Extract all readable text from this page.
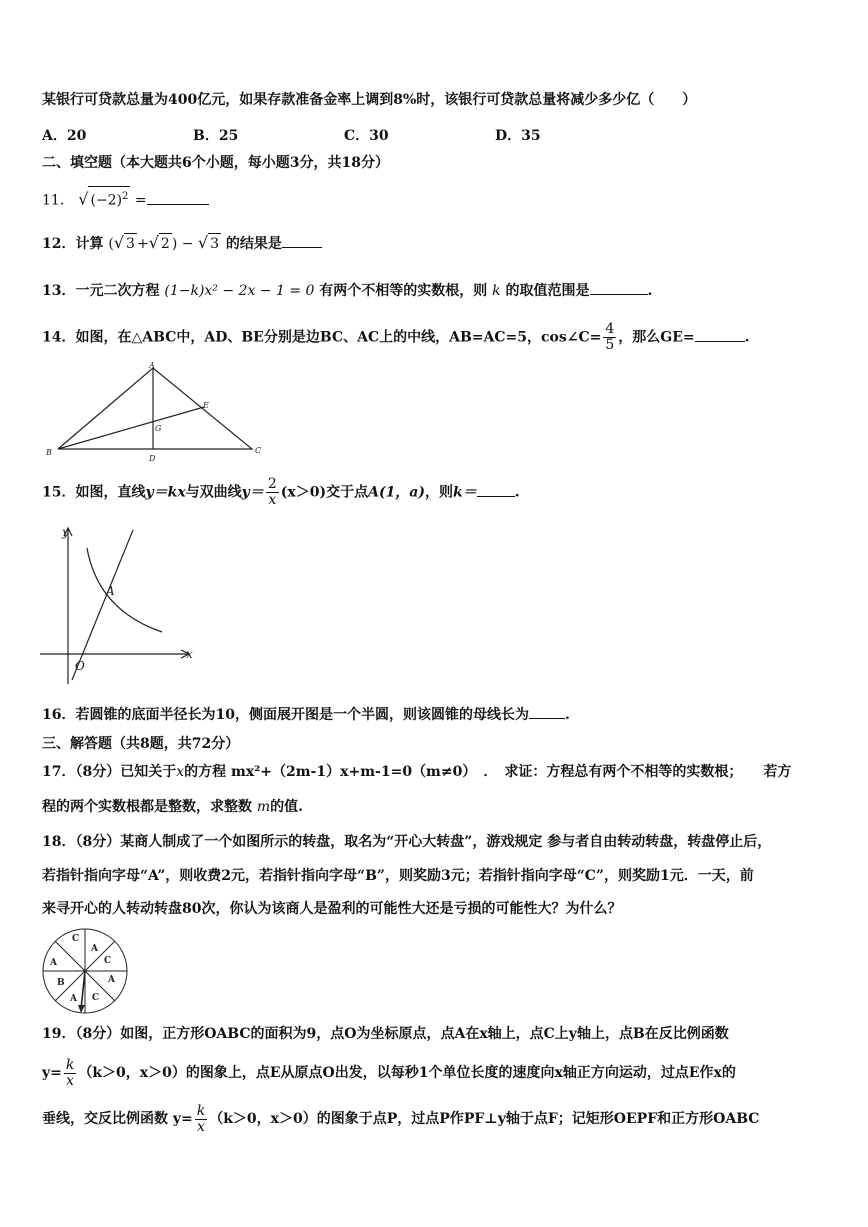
某银行可贷款总量为400亿元，如果存款准备金率上调到8%时，该银行可贷款总量将减少多少亿（　　）
A．20	B．25	C．30	D．35
二、填空题（本大题共6个小题，每小题3分，共18分）
11． √ $(-2)^2$ =
12．计算 (√ 3 +√ 2 ) − √ 3 的结果是
13．一元二次方程 (1−k)x² − 2x − 1 = 0 有两个不相等的实数根，则 k 的取值范围是	.
14．如图，在△ABC中，AD、BE分别是边BC、AC上的中线，AB=AC=5，cos∠C= $\frac{4}{5}$ ，那么GE=	.
A
E
G
B
D
C
15．如图，直线y＝kx与双曲线$y= \frac{2}{x} (x>0)$交于点A(1，a)，则k＝	.
y
x
O
A
16．若圆锥的底面半径长为10，侧面展开图是一个半圆，则该圆锥的母线长为	.
三、解答题（共8题，共72分）
17．（8分）已知关于x的方程 mx²+（2m-1）x+m-1=0（m≠0）　．　求证：方程总有两个不相等的实数根；　　若方
程的两个实数根都是整数，求整数 m的值.
18．（8分）某商人制成了一个如图所示的转盘，取名为“开心大转盘”，游戏规定 参与者自由转动转盘，转盘停止后，
若指针指向字母“A”，则收费2元，若指针指向字母“B”，则奖励3元；若指针指向字母“C”，则奖励1元．一天，前
来寻开心的人转动转盘80次，你认为该商人是盈利的可能性大还是亏损的可能性大？为什么？
C
A
C
A
A C
A
B
19．（8分）如图，正方形OABC的面积为9，点O为坐标原点，点A在x轴上，点C上y轴上，点B在反比例函数
$y= \frac{k}{x} (k>0$，x＞0）的图象上，点E从原点O出发，以每秒1个单位长度的速度向x轴正方向运动，过点E作x的
垂线，交反比例函数 $y= \frac{k}{x} (k>0$，x＞0）的图象于点P，过点P作PF⊥y轴于点F；记矩形OEPF和正方形OABC
